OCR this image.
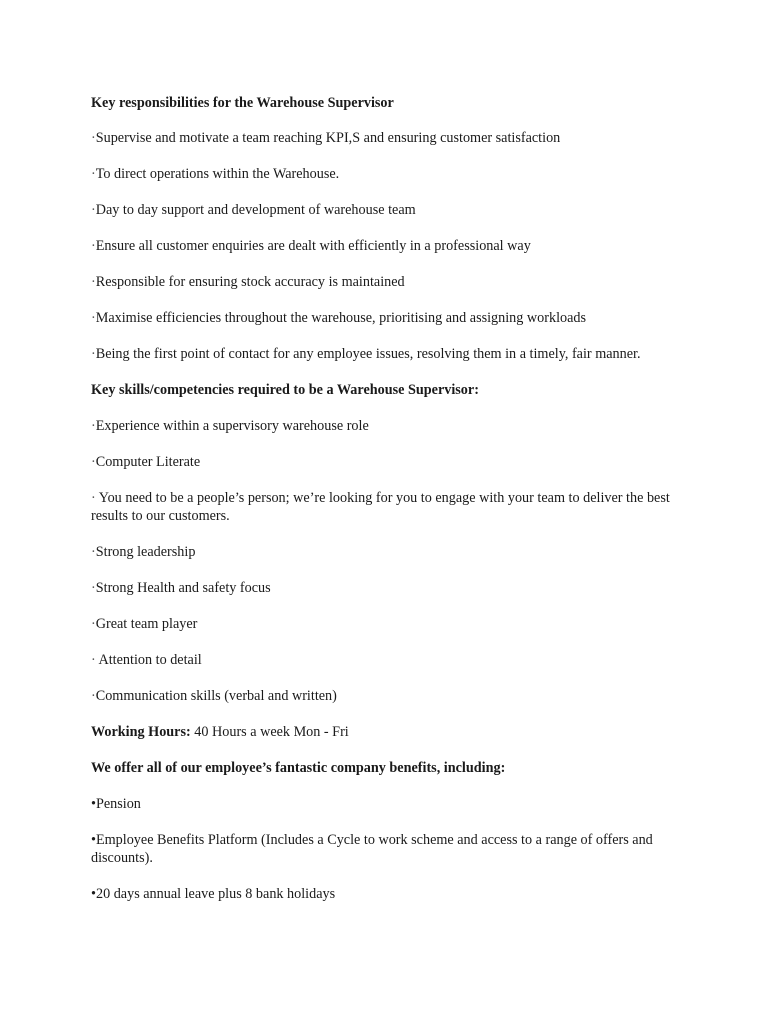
Key responsibilities for the Warehouse Supervisor
·Supervise and motivate a team reaching KPI,S and ensuring customer satisfaction
·To direct operations within the Warehouse.
·Day to day support and development of warehouse team
·Ensure all customer enquiries are dealt with efficiently in a professional way
·Responsible for ensuring stock accuracy is maintained
·Maximise efficiencies throughout the warehouse, prioritising and assigning workloads
·Being the first point of contact for any employee issues, resolving them in a timely, fair manner.
Key skills/competencies required to be a Warehouse Supervisor:
·Experience within a supervisory warehouse role
·Computer Literate
· You need to be a people’s person; we’re looking for you to engage with your team to deliver the best results to our customers.
·Strong leadership
·Strong Health and safety focus
·Great team player
· Attention to detail
·Communication skills (verbal and written)
Working Hours: 40 Hours a week Mon - Fri
We offer all of our employee’s fantastic company benefits, including:
•Pension
•Employee Benefits Platform (Includes a Cycle to work scheme and access to a range of offers and discounts).
•20 days annual leave plus 8 bank holidays
